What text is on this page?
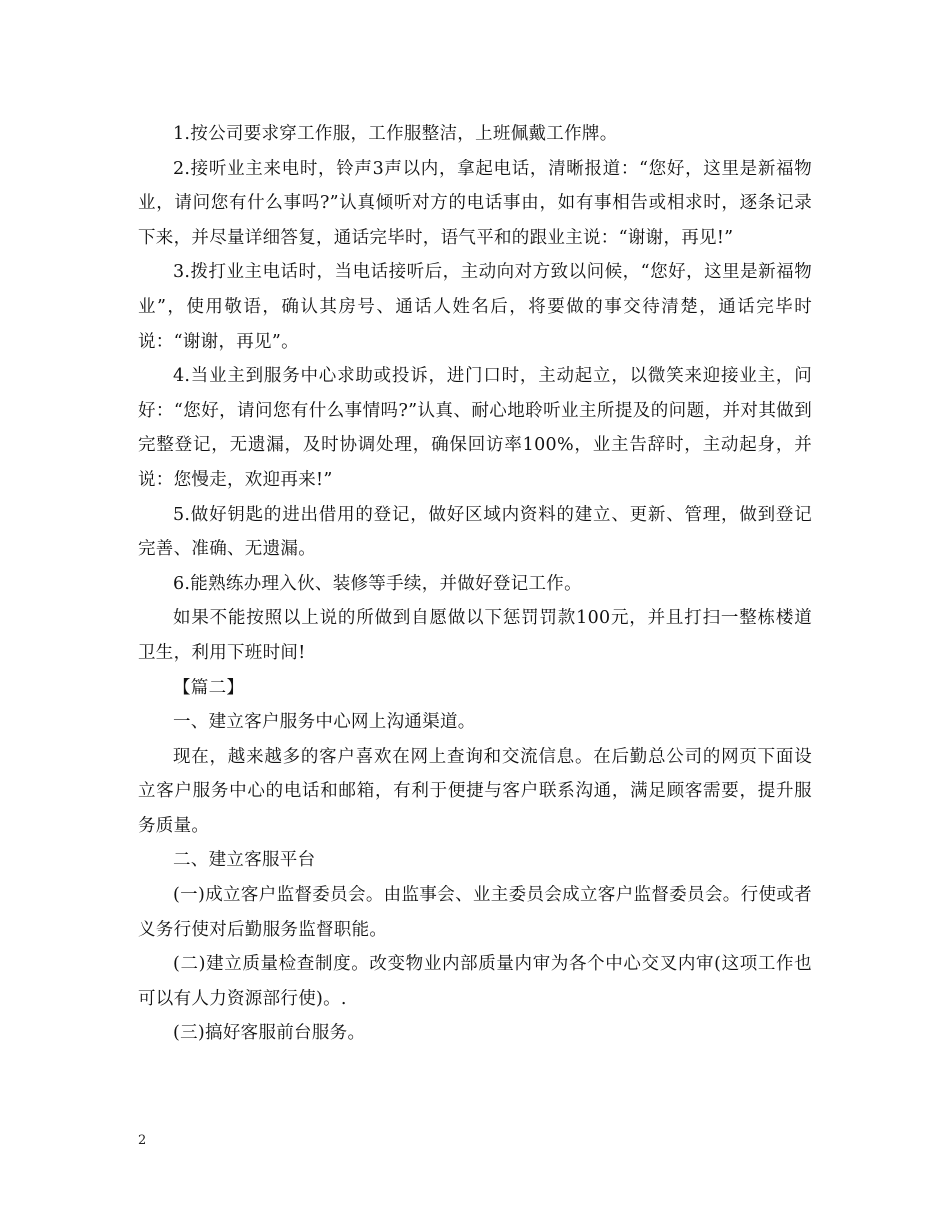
1.按公司要求穿工作服，工作服整洁，上班佩戴工作牌。

2.接听业主来电时，铃声3声以内，拿起电话，清晰报道：“您好，这里是新福物业，请问您有什么事吗?”认真倾听对方的电话事由，如有事相告或相求时，逐条记录下来，并尽量详细答复，通话完毕时，语气平和的跟业主说：“谢谢，再见!”

3.拨打业主电话时，当电话接听后，主动向对方致以问候，“您好，这里是新福物业”，使用敬语，确认其房号、通话人姓名后，将要做的事交待清楚，通话完毕时说：“谢谢，再见”。

4.当业主到服务中心求助或投诉，进门口时，主动起立，以微笑来迎接业主，问好：“您好，请问您有什么事情吗?”认真、耐心地聆听业主所提及的问题，并对其做到完整登记，无遗漏，及时协调处理，确保回访率100%，业主告辞时，主动起身，并说：您慢走，欢迎再来!”

5.做好钥匙的进出借用的登记，做好区域内资料的建立、更新、管理，做到登记完善、准确、无遗漏。

6.能熟练办理入伙、装修等手续，并做好登记工作。

如果不能按照以上说的所做到自愿做以下惩罚罚款100元，并且打扫一整栋楼道卫生，利用下班时间!

【篇二】

一、建立客户服务中心网上沟通渠道。

现在，越来越多的客户喜欢在网上查询和交流信息。在后勤总公司的网页下面设立客户服务中心的电话和邮箱，有利于便捷与客户联系沟通，满足顾客需要，提升服务质量。

二、建立客服平台

(一)成立客户监督委员会。由监事会、业主委员会成立客户监督委员会。行使或者义务行使对后勤服务监督职能。

(二)建立质量检查制度。改变物业内部质量内审为各个中心交叉内审(这项工作也可以有人力资源部行使)。.

(三)搞好客服前台服务。

2
